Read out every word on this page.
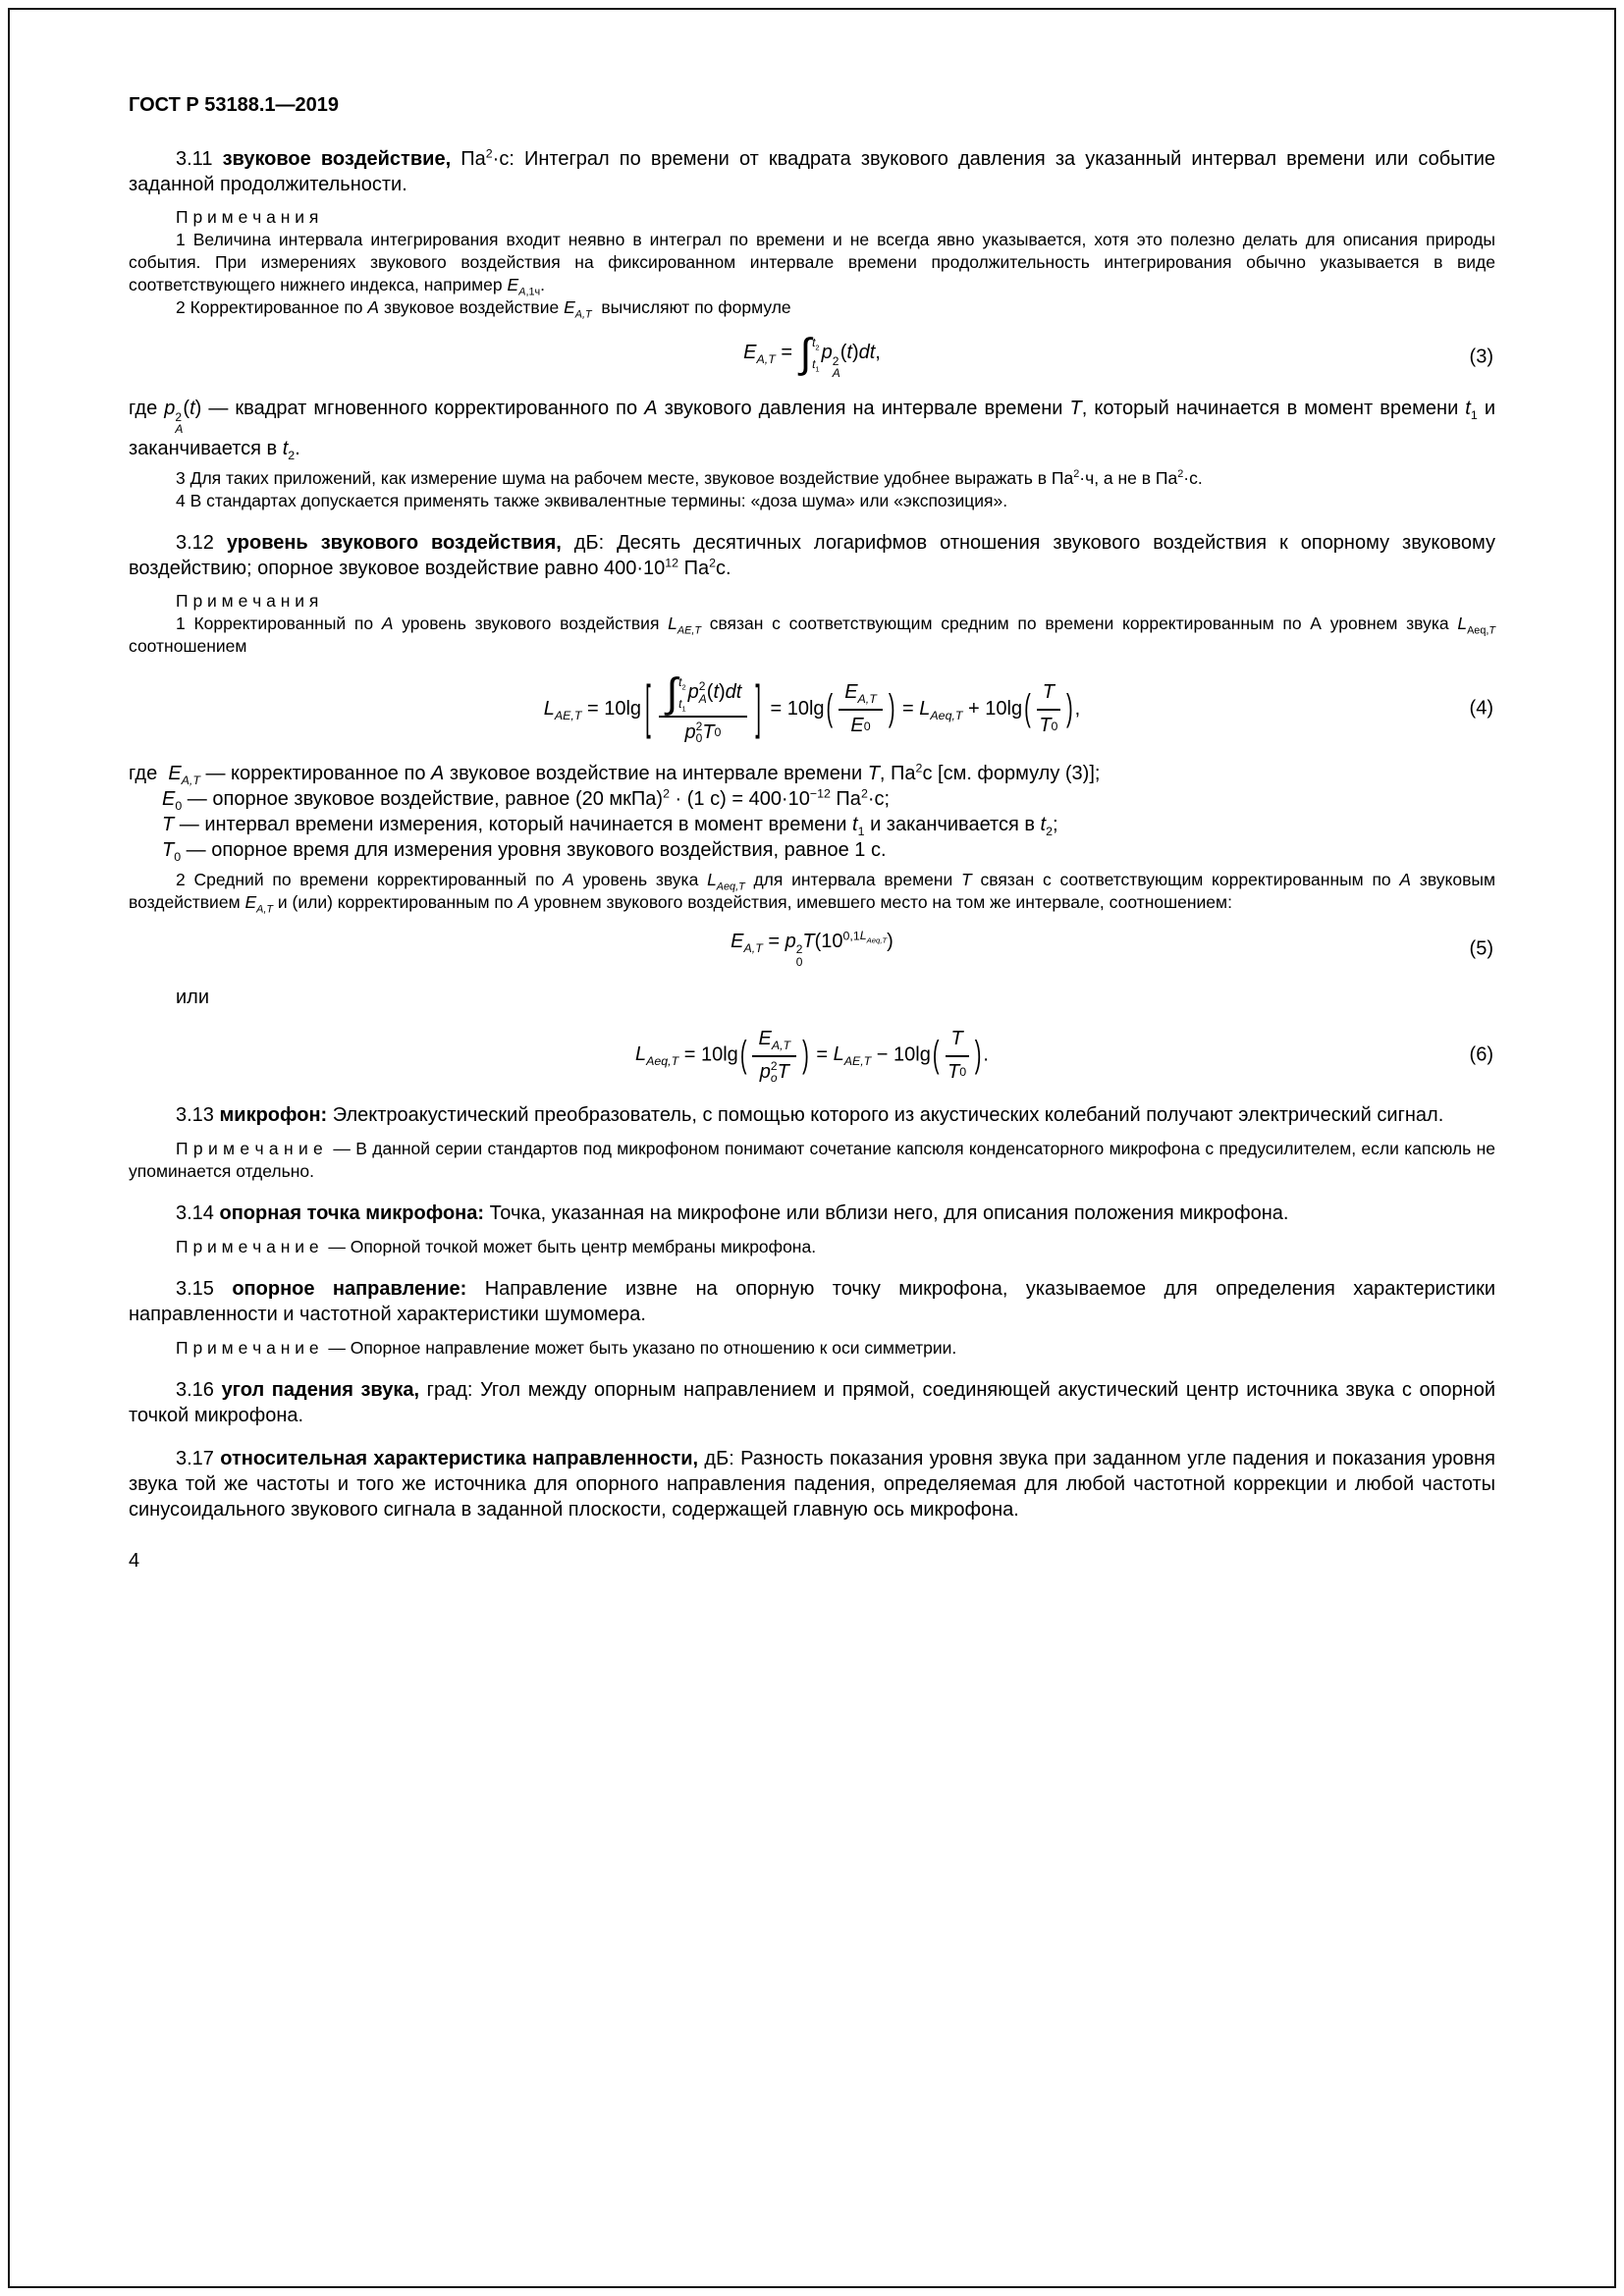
ГОСТ Р 53188.1—2019

3.11 звуковое воздействие, $Па^2\cdot с$: Интеграл по времени от квадрата звукового давления за указанный интервал времени или событие заданной продолжительности.

П р и м е ч а н и я

1 Величина интервала интегрирования входит неявно в интеграл по времени и не всегда явно указывается, хотя это полезно делать для описания природы события. При измерениях звукового воздействия на фиксированном интервале времени продолжительность интегрирования обычно указывается в виде соответствующего нижнего индекса, например $E_{A,1ч}$.

2 Корректированное по A звуковое воздействие $E_{A,T}$  вычисляют по формуле

$E_{A,T}$ = ∫ $t_2$
$t_1$
p 2
A
(t)dt,	(3)

где p 2
A
(t) — квадрат мгновенного корректированного по A звукового давления на интервале времени T, который начинается в момент времени $t_1$ и заканчивается в $t_2$.

3 Для таких приложений, как измерение шума на рабочем месте, звуковое воздействие удобнее выражать в $Па^2\cdot ч$, а не в $Па^2\cdot с$.

4 В стандартах допускается применять также эквивалентные термины: «доза шума» или «экспозиция».

3.12 уровень звукового воздействия, дБ: Десять десятичных логарифмов отношения звукового воздействия к опорному звуковому воздействию; опорное звуковое воздействие равно $400\cdot 10^{12}$ $Па^2с$.

П р и м е ч а н и я

1 Корректированный по A уровень звукового воздействия $L_{AE,T}$ связан с соответствующим средним по времени корректированным по А уровнем звука $L_{Aeq,T}$ соотношением

$L_{AE,T} = 10\lg$ [ ∫ $t_2$
$t_1$
p 2
A ( t ) dt
p 2
0 T 0 ] = 10lg ( $\frac{E_{A,T}}{E 0}$ ) = $L_{Aeq,T} + 10\lg$ ( $\frac{T}{T 0}$ ) ,	(4)

где  $E_{A,T}$ — корректированное по A звуковое воздействие на интервале времени T, $Па^2с$ [см. формулу (3)];

$E_0$ — опорное звуковое воздействие, равное (20 мкПа)$^2$ · (1 $с) = 400\cdot 10^{-12}$ $Па^2\cdot с$;

T — интервал времени измерения, который начинается в момент времени $t_1$ и заканчивается в $t_2$;

$T_0$ — опорное время для измерения уровня звукового воздействия, равное 1 с.

2 Средний по времени корректированный по A уровень звука $L_{Aeq,T}$ для интервала времени T связан с соответствующим корректированным по A звуковым воздействием $E_{A,T}$ и (или) корректированным по A уровнем звукового воздействия, имевшего место на том же интервале, соотношением:

$E_{A,T} = p$ 2
0
$T(10^{0,1L_{Aeq,T}})$	(5)

или

$L_{Aeq,T} = 10\lg$ ( $E_{A,T}$
p 2
o T ) = $L_{AE,T} - 10\lg$ ( $\frac{T}{T 0}$ ) .	(6)

3.13 микрофон: Электроакустический преобразователь, с помощью которого из акустических колебаний получают электрический сигнал.

П р и м е ч а н и е  — В данной серии стандартов под микрофоном понимают сочетание капсюля конденсаторного микрофона с предусилителем, если капсюль не упоминается отдельно.

3.14 опорная точка микрофона: Точка, указанная на микрофоне или вблизи него, для описания положения микрофона.

П р и м е ч а н и е  — Опорной точкой может быть центр мембраны микрофона.

3.15 опорное направление: Направление извне на опорную точку микрофона, указываемое для определения характеристики направленности и частотной характеристики шумомера.

П р и м е ч а н и е  — Опорное направление может быть указано по отношению к оси симметрии.

3.16 угол падения звука, град: Угол между опорным направлением и прямой, соединяющей акустический центр источника звука с опорной точкой микрофона.

3.17 относительная характеристика направленности, дБ: Разность показания уровня звука при заданном угле падения и показания уровня звука той же частоты и того же источника для опорного направления падения, определяемая для любой частотной коррекции и любой частоты синусоидального звукового сигнала в заданной плоскости, содержащей главную ось микрофона.

4
